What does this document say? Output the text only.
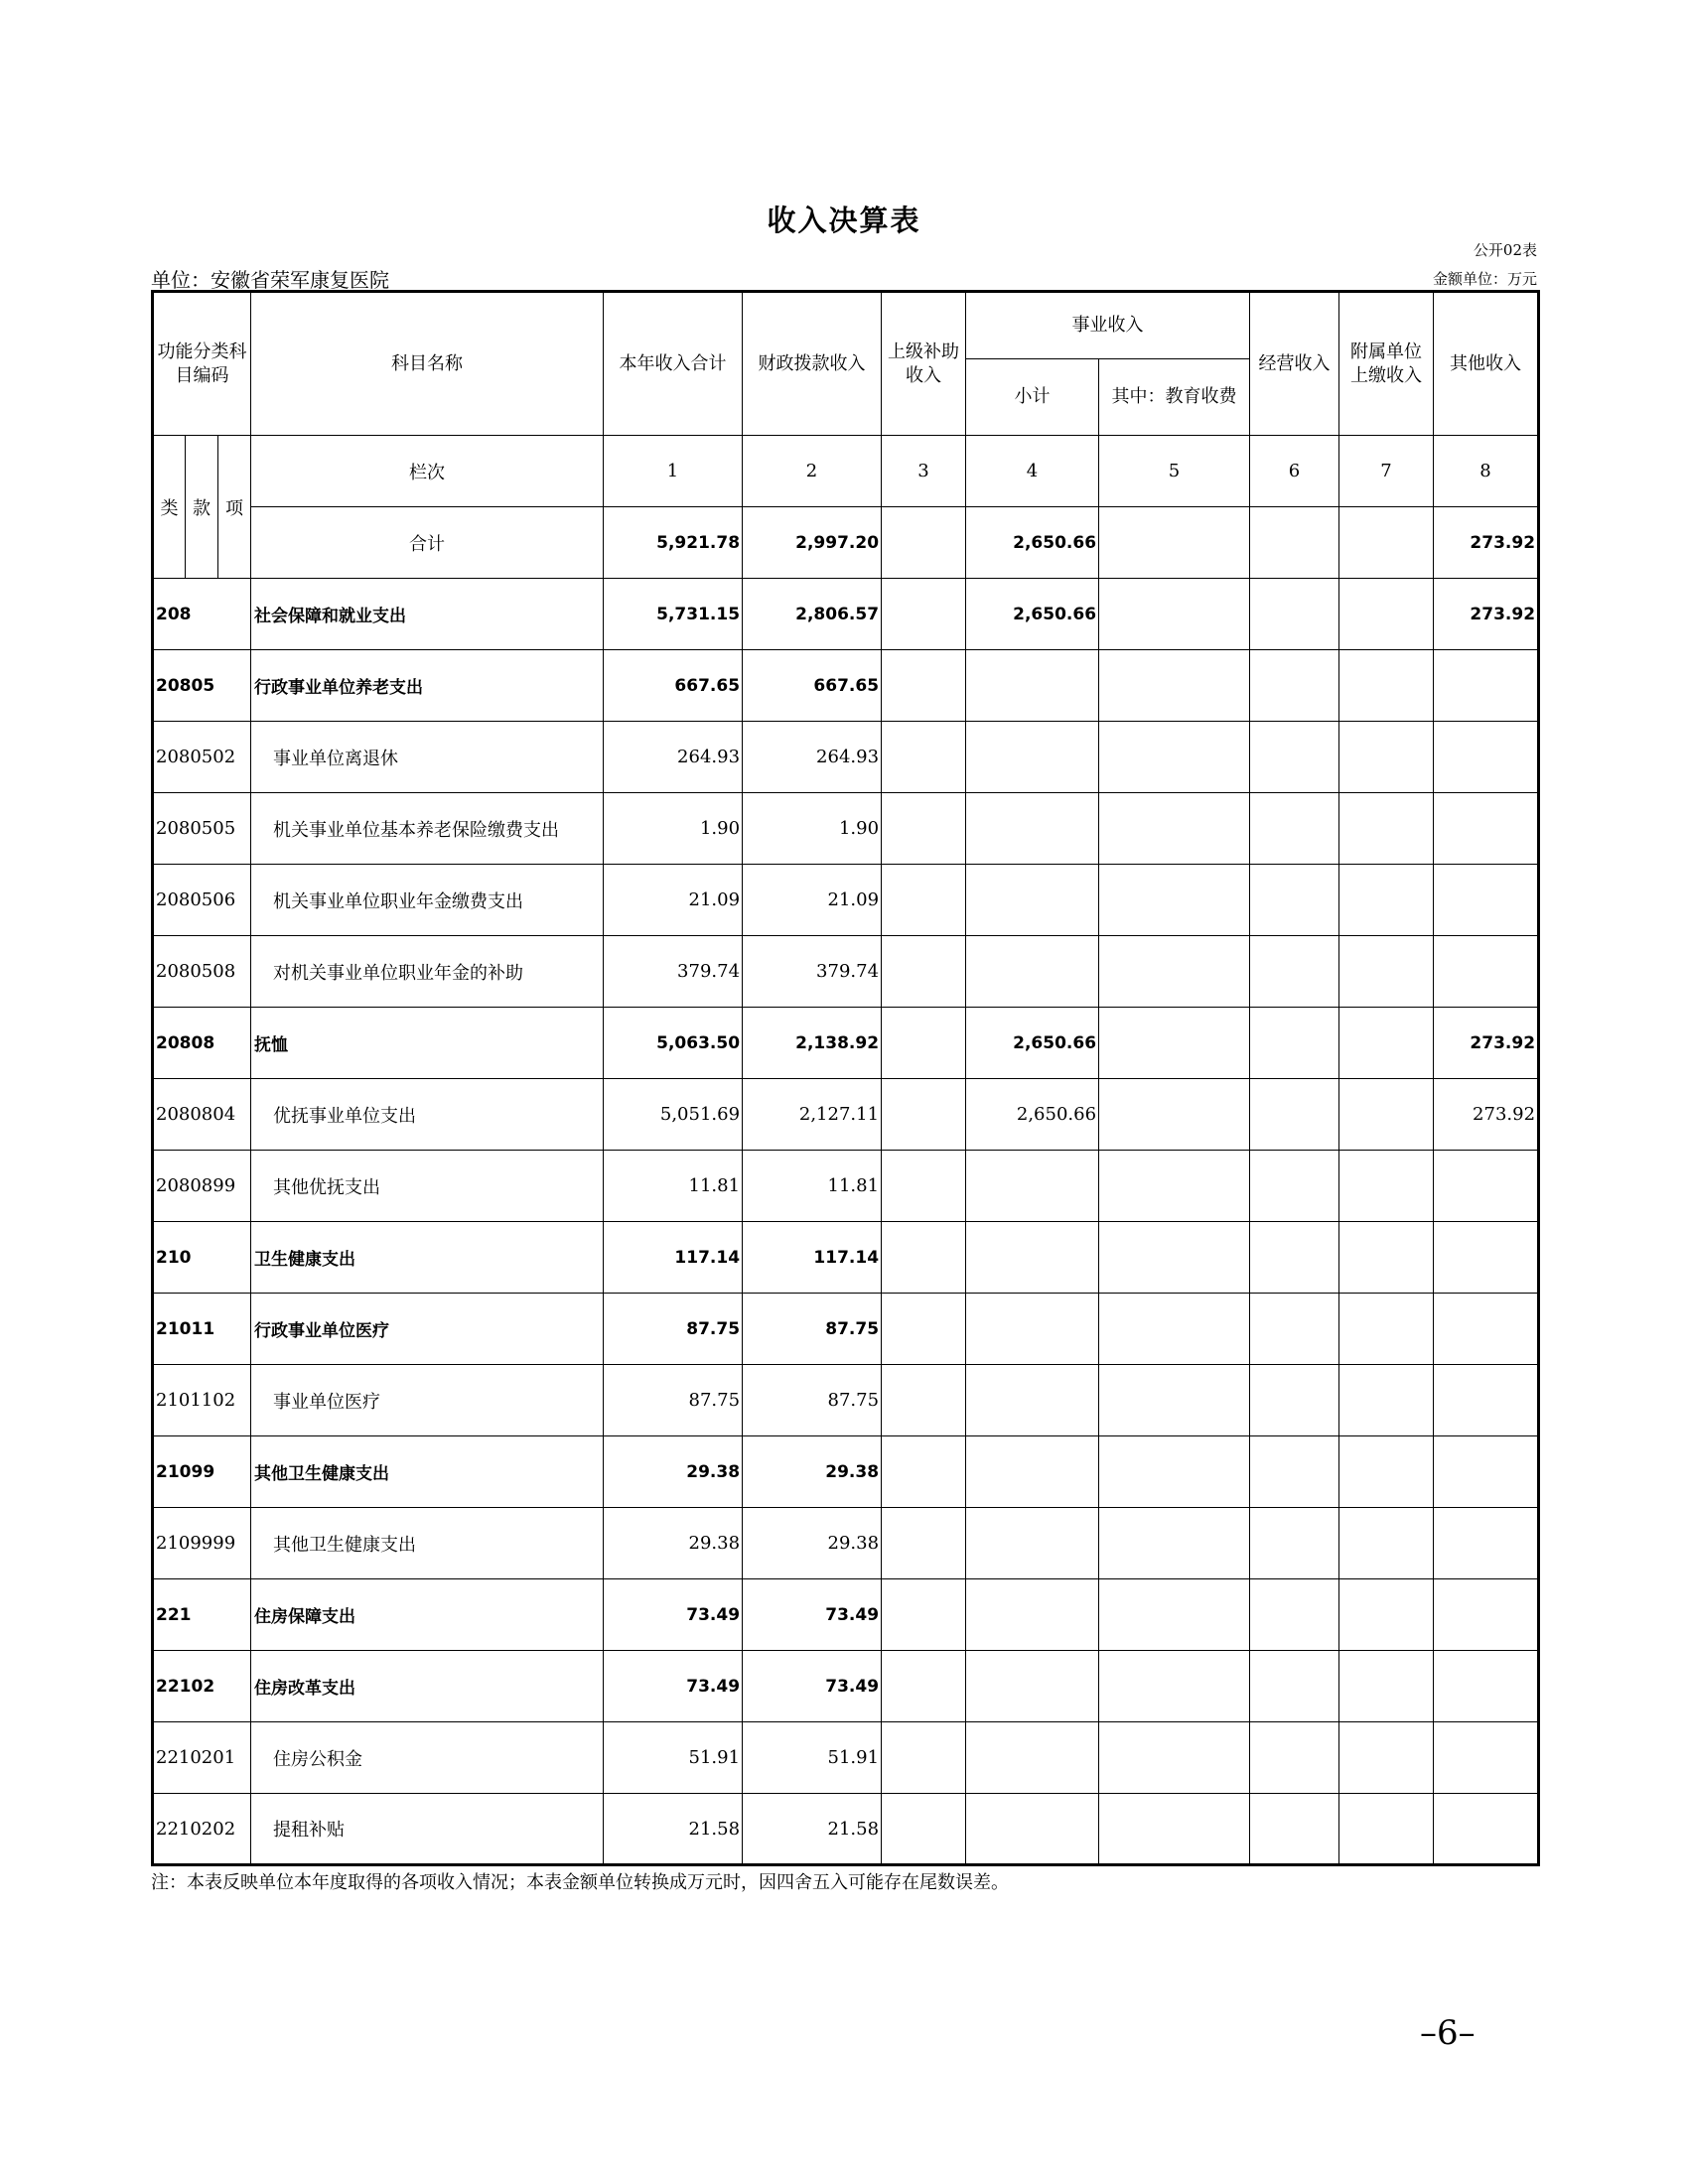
收入决算表
公开02表
单位：安徽省荣军康复医院	金额单位：万元
功能分类科目编码			科目名称	本年收入合计	财政拨款收入	上级补助收入	事业收入		经营收入	附属单位上缴收入	其他收入
							小计	其中：教育收费			
类	款	项	栏次	1	2	3	4	5	6	7	8
			合计	5,921.78	2,997.20		2,650.66				273.92
208			社会保障和就业支出	5,731.15	2,806.57		2,650.66				273.92
20805			行政事业单位养老支出	667.65	667.65						
2080502			事业单位离退休	264.93	264.93						
2080505			机关事业单位基本养老保险缴费支出	1.90	1.90						
2080506			机关事业单位职业年金缴费支出	21.09	21.09						
2080508			对机关事业单位职业年金的补助	379.74	379.74						
20808			抚恤	5,063.50	2,138.92		2,650.66				273.92
2080804			优抚事业单位支出	5,051.69	2,127.11		2,650.66				273.92
2080899			其他优抚支出	11.81	11.81						
210			卫生健康支出	117.14	117.14						
21011			行政事业单位医疗	87.75	87.75						
2101102			事业单位医疗	87.75	87.75						
21099			其他卫生健康支出	29.38	29.38						
2109999			其他卫生健康支出	29.38	29.38						
221			住房保障支出	73.49	73.49						
22102			住房改革支出	73.49	73.49						
2210201			住房公积金	51.91	51.91						
2210202			提租补贴	21.58	21.58						
注：本表反映单位本年度取得的各项收入情况；本表金额单位转换成万元时，因四舍五入可能存在尾数误差。
–6–
